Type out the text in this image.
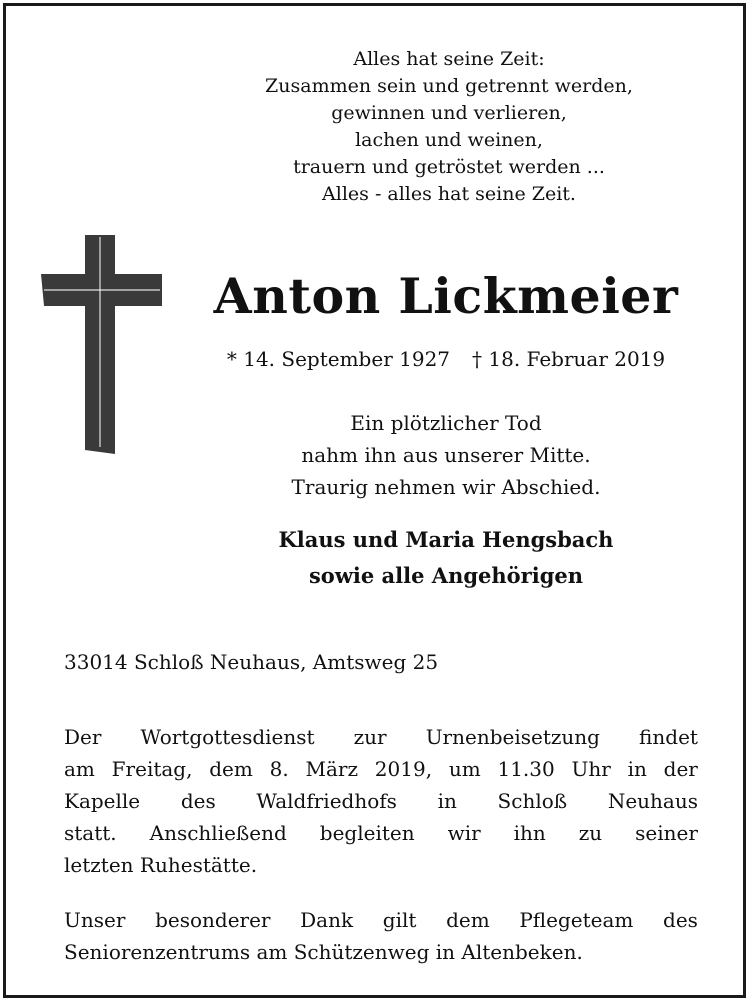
Alles hat seine Zeit:
Zusammen sein und getrennt werden,
gewinnen und verlieren,
lachen und weinen,
trauern und getröstet werden ...
Alles - alles hat seine Zeit.
Anton Lickmeier
* 14. September 1927 † 18. Februar 2019
Ein plötzlicher Tod
nahm ihn aus unserer Mitte.
Traurig nehmen wir Abschied.
Klaus und Maria Hengsbach
sowie alle Angehörigen
33014 Schloß Neuhaus, Amtsweg 25
Der Wortgottesdienst zur Urnenbeisetzung findet
am Freitag, dem 8. März 2019, um 11.30 Uhr in der
Kapelle des Waldfriedhofs in Schloß Neuhaus
statt. Anschließend begleiten wir ihn zu seiner
letzten Ruhestätte.
Unser besonderer Dank gilt dem Pflegeteam des
Seniorenzentrums am Schützenweg in Altenbeken.
